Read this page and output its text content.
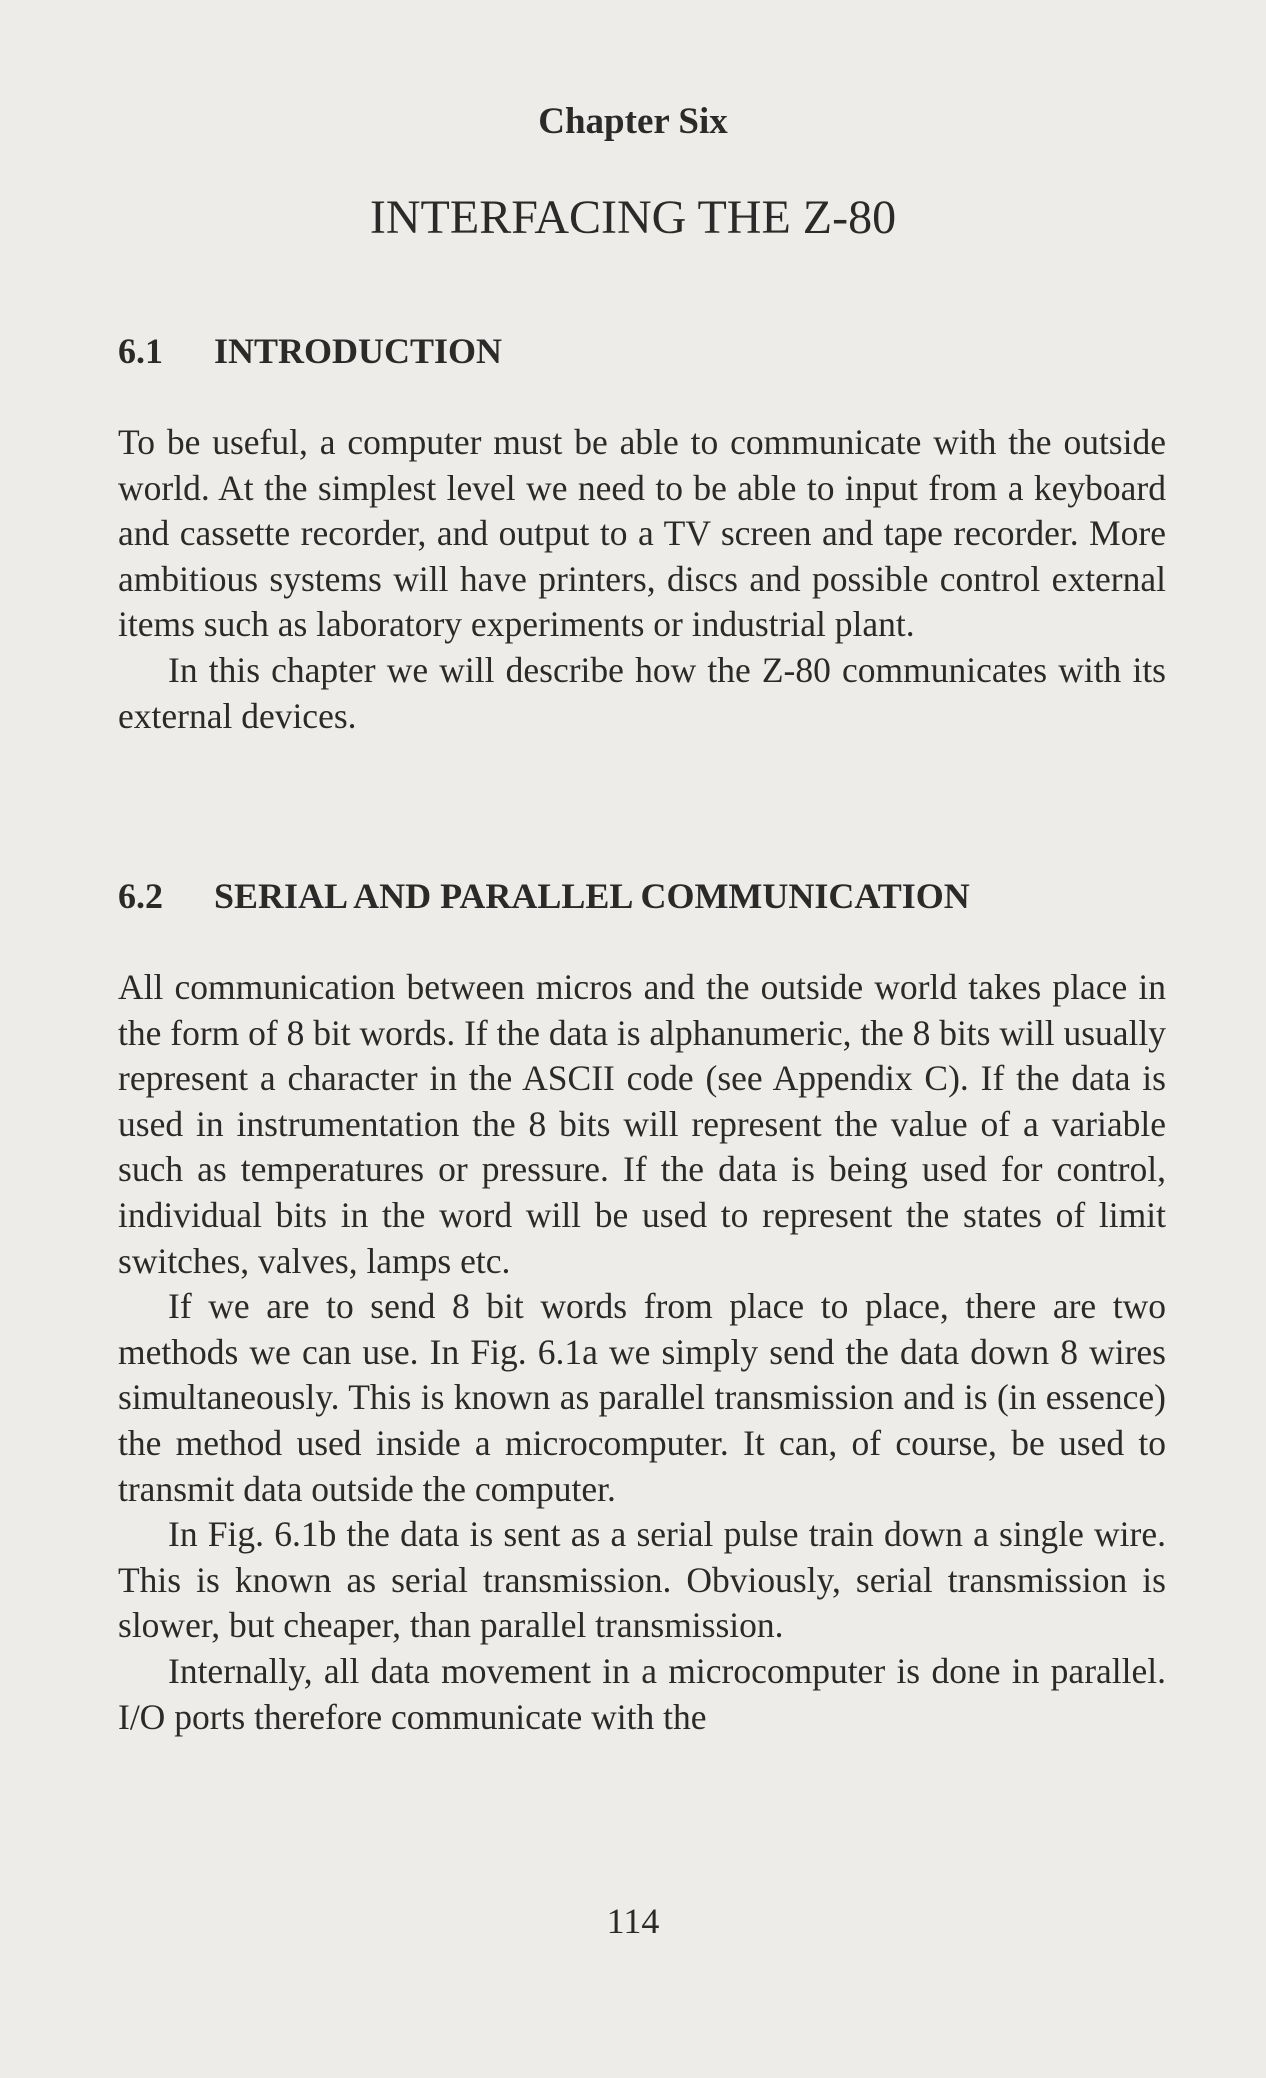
Chapter Six
INTERFACING THE Z-80
6.1 INTRODUCTION

To be useful, a computer must be able to communicate with the outside world. At the simplest level we need to be able to input from a keyboard and cassette recorder, and output to a TV screen and tape recorder. More ambitious systems will have printers, discs and possible control external items such as laboratory experiments or industrial plant.

In this chapter we will describe how the Z-80 communicates with its external devices.

6.2 SERIAL AND PARALLEL COMMUNICATION

All communication between micros and the outside world takes place in the form of 8 bit words. If the data is alphanumeric, the 8 bits will usually represent a character in the ASCII code (see Appendix C). If the data is used in instrumentation the 8 bits will represent the value of a variable such as temperatures or pressure. If the data is being used for control, individual bits in the word will be used to represent the states of limit switches, valves, lamps etc.

If we are to send 8 bit words from place to place, there are two methods we can use. In Fig. 6.1a we simply send the data down 8 wires simultaneously. This is known as parallel transmission and is (in essence) the method used inside a microcomputer. It can, of course, be used to transmit data outside the computer.

In Fig. 6.1b the data is sent as a serial pulse train down a single wire. This is known as serial transmission. Obviously, serial transmission is slower, but cheaper, than parallel transmission.

Internally, all data movement in a microcomputer is done in parallel. I/O ports therefore communicate with the

114
